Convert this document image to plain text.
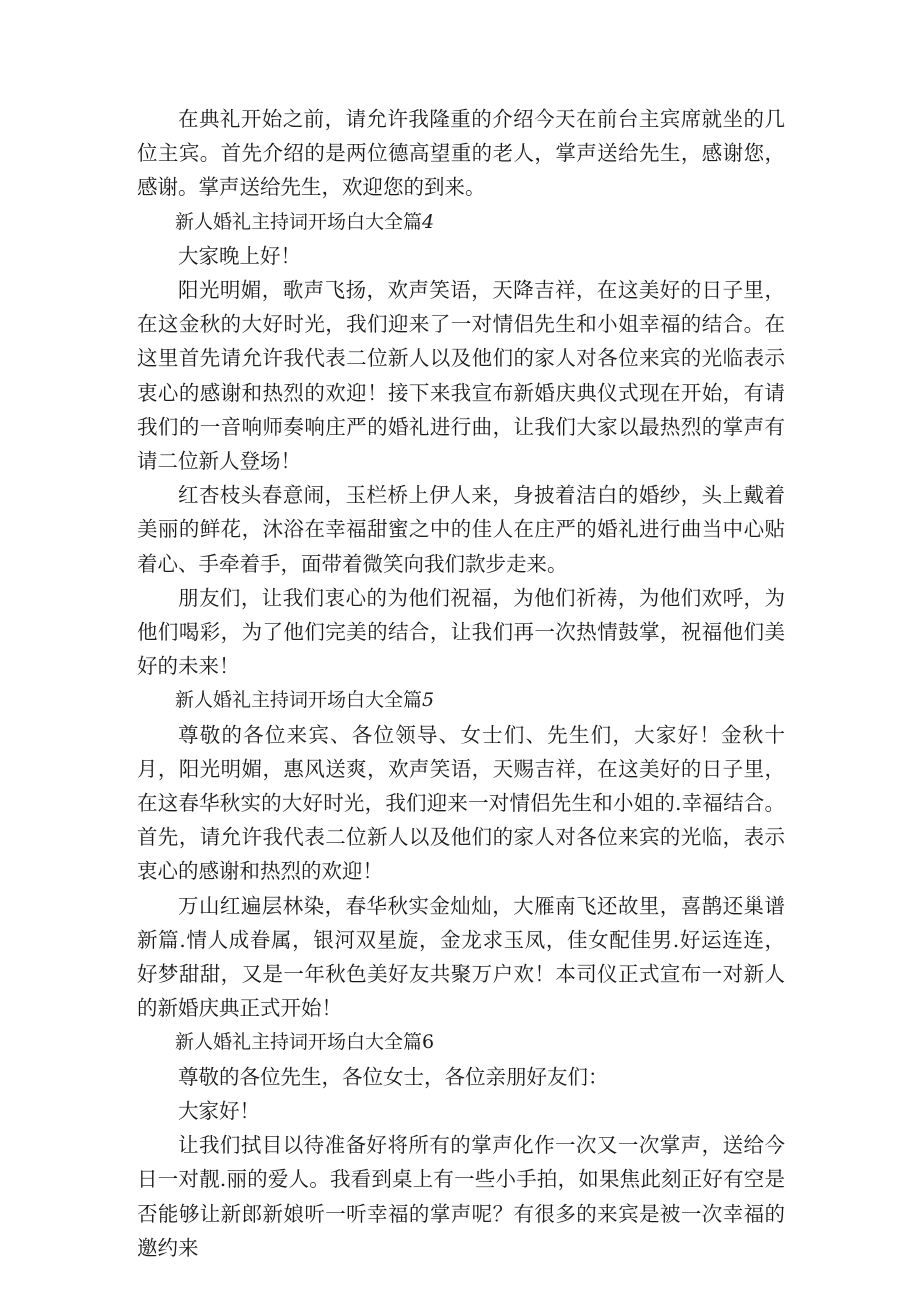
在典礼开始之前，请允许我隆重的介绍今天在前台主宾席就坐的几位主宾。首先介绍的是两位德高望重的老人，掌声送给先生，感谢您，感谢。掌声送给先生，欢迎您的到来。

新人婚礼主持词开场白大全篇4

大家晚上好！

阳光明媚，歌声飞扬，欢声笑语，天降吉祥，在这美好的日子里，在这金秋的大好时光，我们迎来了一对情侣先生和小姐幸福的结合。在这里首先请允许我代表二位新人以及他们的家人对各位来宾的光临表示衷心的感谢和热烈的欢迎！接下来我宣布新婚庆典仪式现在开始，有请我们的一音响师奏响庄严的婚礼进行曲，让我们大家以最热烈的掌声有请二位新人登场！

红杏枝头春意闹，玉栏桥上伊人来，身披着洁白的婚纱，头上戴着美丽的鲜花，沐浴在幸福甜蜜之中的佳人在庄严的婚礼进行曲当中心贴着心、手牵着手，面带着微笑向我们款步走来。

朋友们，让我们衷心的为他们祝福，为他们祈祷，为他们欢呼，为他们喝彩，为了他们完美的结合，让我们再一次热情鼓掌，祝福他们美好的未来！

新人婚礼主持词开场白大全篇5

尊敬的各位来宾、各位领导、女士们、先生们，大家好！金秋十月，阳光明媚，惠风送爽，欢声笑语，天赐吉祥，在这美好的日子里，在这春华秋实的大好时光，我们迎来一对情侣先生和小姐的.幸福结合。首先，请允许我代表二位新人以及他们的家人对各位来宾的光临，表示衷心的感谢和热烈的欢迎！

万山红遍层林染，春华秋实金灿灿，大雁南飞还故里，喜鹊还巢谱新篇.情人成眷属，银河双星旋，金龙求玉凤，佳女配佳男.好运连连，好梦甜甜，又是一年秋色美好友共聚万户欢！本司仪正式宣布一对新人的新婚庆典正式开始！

新人婚礼主持词开场白大全篇6

尊敬的各位先生，各位女士，各位亲朋好友们：

大家好！

让我们拭目以待准备好将所有的掌声化作一次又一次掌声，送给今日一对靓.丽的爱人。我看到桌上有一些小手拍，如果焦此刻正好有空是否能够让新郎新娘听一听幸福的掌声呢？有很多的来宾是被一次幸福的邀约来
